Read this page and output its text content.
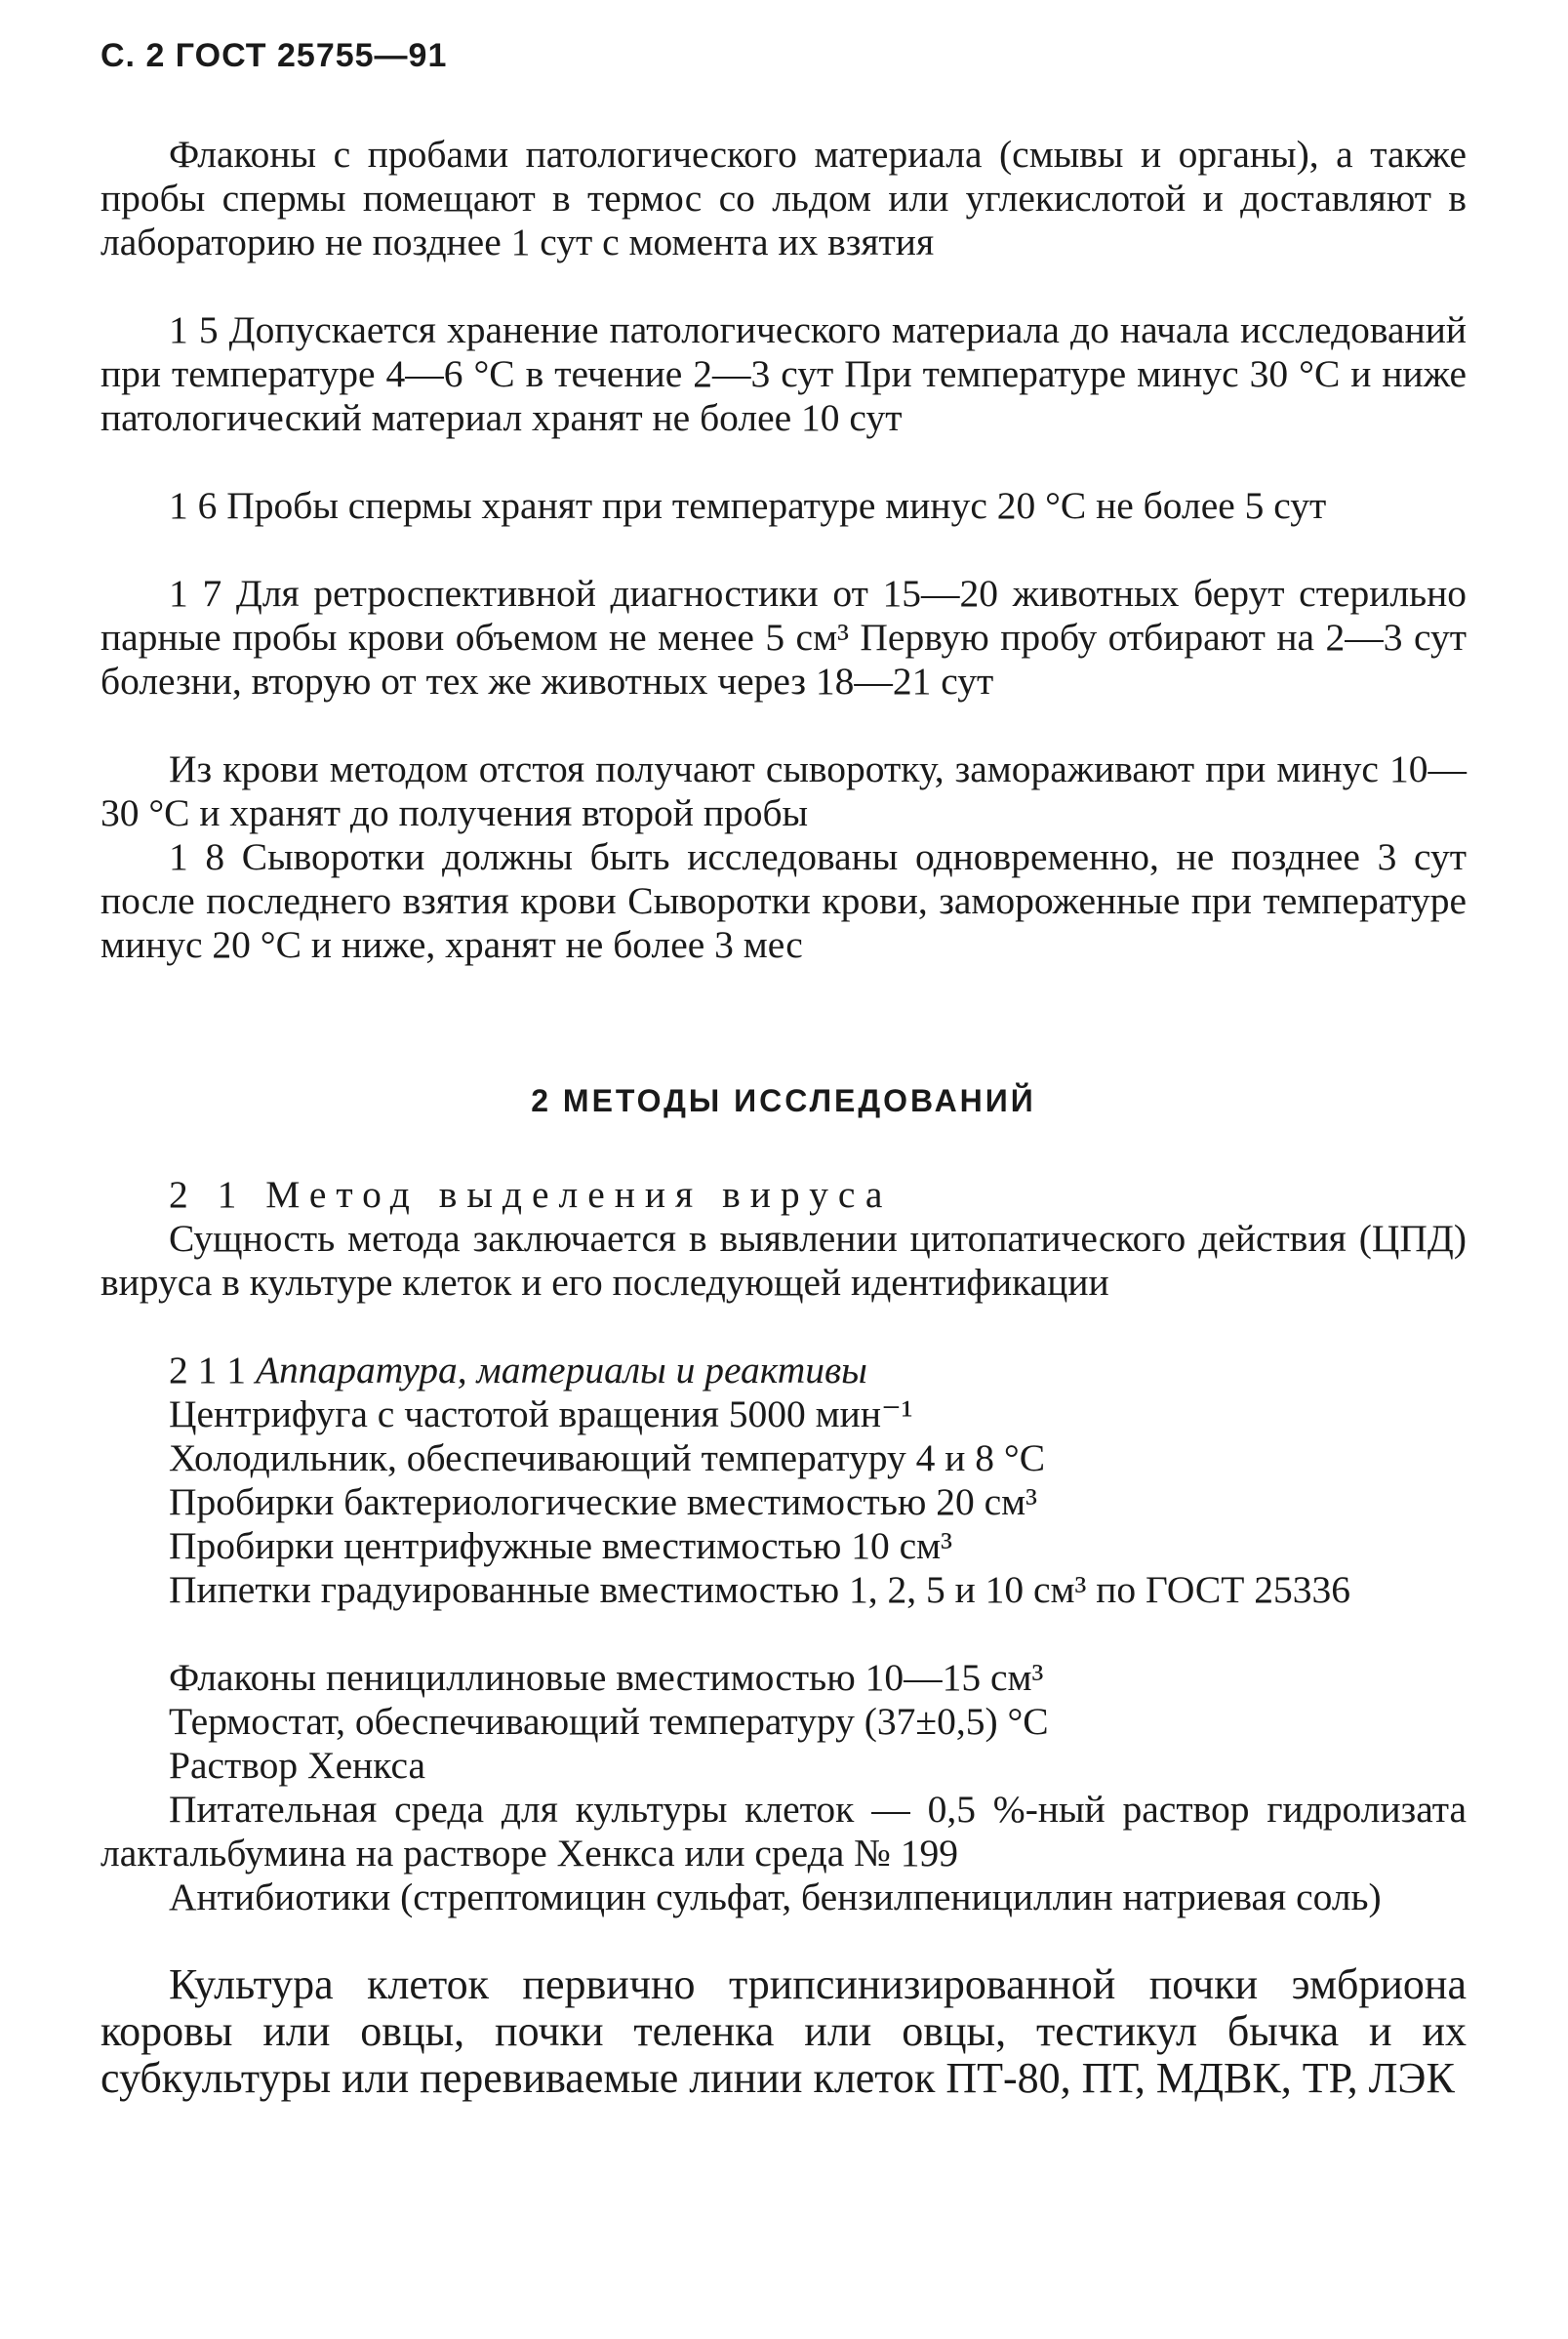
С. 2 ГОСТ 25755—91

Флаконы с пробами патологического материала (смывы и органы), а также пробы спермы помещают в термос со льдом или углекислотой и доставляют в лабораторию не позднее 1 сут с момента их взятия

1 5 Допускается хранение патологического материала до начала исследований при температуре 4—6 °С в течение 2—3 сут При температуре минус 30 °С и ниже патологический материал хранят не более 10 сут

1 6 Пробы спермы хранят при температуре минус 20 °С не более 5 сут

1 7 Для ретроспективной диагностики от 15—20 животных берут стерильно парные пробы крови объемом не менее 5 см³ Первую пробу отбирают на 2—3 сут болезни, вторую от тех же животных через 18—21 сут

Из крови методом отстоя получают сыворотку, замораживают при минус 10—30 °С и хранят до получения второй пробы

1 8 Сыворотки должны быть исследованы одновременно, не позднее 3 сут после последнего взятия крови Сыворотки крови, замороженные при температуре минус 20 °С и ниже, хранят не более 3 мес

2 МЕТОДЫ ИССЛЕДОВАНИЙ

2 1 Метод выделения вируса

Сущность метода заключается в выявлении цитопатического действия (ЦПД) вируса в культуре клеток и его последующей идентификации

2 1 1 Аппаратура, материалы и реактивы

Центрифуга с частотой вращения 5000 мин⁻¹

Холодильник, обеспечивающий температуру 4 и 8 °С

Пробирки бактериологические вместимостью 20 см³

Пробирки центрифужные вместимостью 10 см³

Пипетки градуированные вместимостью 1, 2, 5 и 10 см³ по ГОСТ 25336

Флаконы пенициллиновые вместимостью 10—15 см³

Термостат, обеспечивающий температуру (37±0,5) °С

Раствор Хенкса

Питательная среда для культуры клеток — 0,5 %-ный раствор гидролизата лактальбумина на растворе Хенкса или среда № 199

Антибиотики (стрептомицин сульфат, бензилпенициллин натриевая соль)

Культура клеток первично трипсинизированной почки эмбриона коровы или овцы, почки теленка или овцы, тестикул бычка и их субкультуры или перевиваемые линии клеток ПТ-80, ПТ, МДВК, ТР, ЛЭК
